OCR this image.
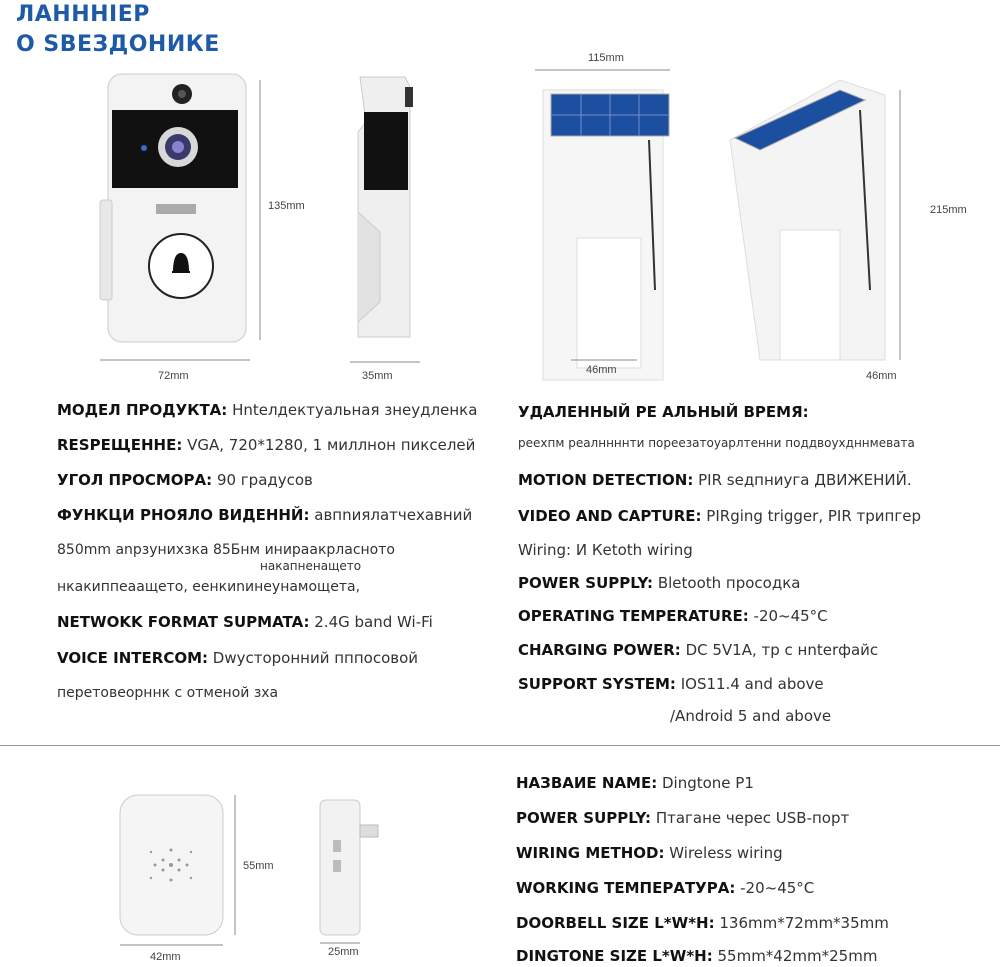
ЛАННHIEР
О SВЕЗДОНИКЕ
135mm
72mm	35mm
115mm
46mm
215mm
46mm
МОДЕЛ ПРОДУКТА: Нntелдектуальная знеудленка
RЕSPЕЩЕННЕ: VGA, 720*1280, 1 миллнон пикселей
УГОЛ ПРОСМОРА: 90 градусов
ФУНКЦИ РНОЯЛО ВИДЕННЙ: авпnиялатчехавний
850mm аnрзунихзка 85Бнм инираакрласното
накапненащето
нкакиппеаащето, еенкиnинеунамощета,
NETWOKK FORMAT SUPMATA: 2.4G band Wi-Fi
VOICE INTERCOM: Dwусторонний пппосовой
перетовеорннк с отменой зха
УДАЛЕННЫЙ РЕ АЛЬНЫЙ ВРЕМЯ:
реехпм реалннннти пореезатоуарлтенни поддвоухдннмевата
MOTION DETECTION: PIR sедпниуга ДВИЖЕНИЙ.
VIDEO AND CAPTURE: PIRging trigger, PIR трипгер
Wiring: И Кetoth wiring
POWER SUPPLY: Blеtooth пpocoдкa
OPERATING TEMPERATURE: -20~45°C
CHARGING POWER: DC 5V1A, тр с нnterфайс
SUPPORT SYSTEM: IOS11.4 and above
/Android 5 and above
55mm
42mm	25mm
НАЗВАИЕ NAME: Dingtone P1
POWER SUPPLY: Птагане чeрeс USB-порт
WIRING METHOD: Wireless wiring
WORKING TEMПЕРАТУРА: -20~45°C
DOORBELL SIZE L*W*H: 136mm*72mm*35mm
DINGTONE SIZE L*W*H: 55mm*42mm*25mm
